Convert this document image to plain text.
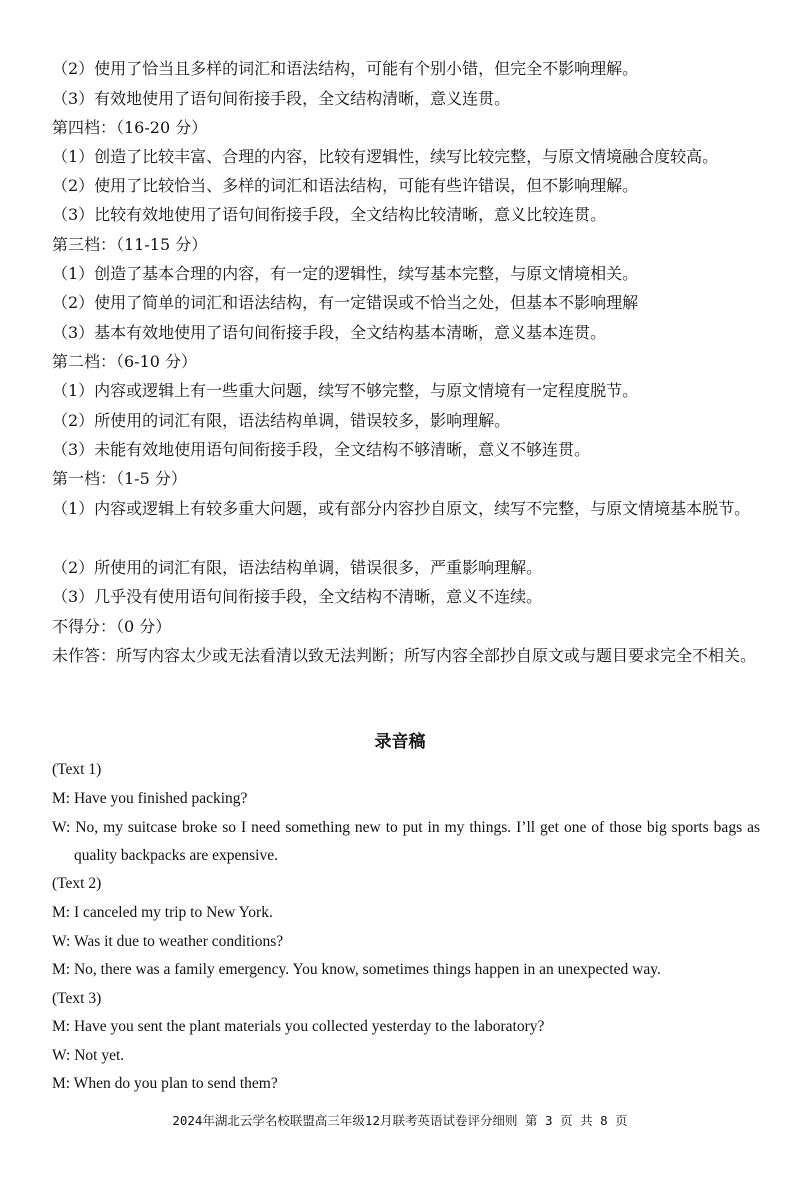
（2）使用了恰当且多样的词汇和语法结构，可能有个别小错，但完全不影响理解。
（3）有效地使用了语句间衔接手段，全文结构清晰，意义连贯。
第四档：（16-20 分）
（1）创造了比较丰富、合理的内容，比较有逻辑性，续写比较完整，与原文情境融合度较高。
（2）使用了比较恰当、多样的词汇和语法结构，可能有些许错误，但不影响理解。
（3）比较有效地使用了语句间衔接手段，全文结构比较清晰，意义比较连贯。
第三档：（11-15 分）
（1）创造了基本合理的内容，有一定的逻辑性，续写基本完整，与原文情境相关。
（2）使用了简单的词汇和语法结构，有一定错误或不恰当之处，但基本不影响理解
（3）基本有效地使用了语句间衔接手段，全文结构基本清晰，意义基本连贯。
第二档：（6-10 分）
（1）内容或逻辑上有一些重大问题，续写不够完整，与原文情境有一定程度脱节。
（2）所使用的词汇有限，语法结构单调，错误较多，影响理解。
（3）未能有效地使用语句间衔接手段，全文结构不够清晰，意义不够连贯。
第一档：（1-5 分）
（1）内容或逻辑上有较多重大问题，或有部分内容抄自原文，续写不完整，与原文情境基本脱节。
（2）所使用的词汇有限，语法结构单调，错误很多，严重影响理解。
（3）几乎没有使用语句间衔接手段，全文结构不清晰，意义不连续。
不得分：（0 分）
未作答：所写内容太少或无法看清以致无法判断；所写内容全部抄自原文或与题目要求完全不相关。
录音稿
(Text 1)
M: Have you finished packing?
W: No, my suitcase broke so I need something new to put in my things. I’ll get one of those big sports bags as quality backpacks are expensive.
(Text 2)
M: I canceled my trip to New York.
W: Was it due to weather conditions?
M: No, there was a family emergency. You know, sometimes things happen in an unexpected way.
(Text 3)
M: Have you sent the plant materials you collected yesterday to the laboratory?
W: Not yet.
M: When do you plan to send them?
2024年湖北云学名校联盟高三年级12月联考英语试卷评分细则 第 3 页 共 8 页
